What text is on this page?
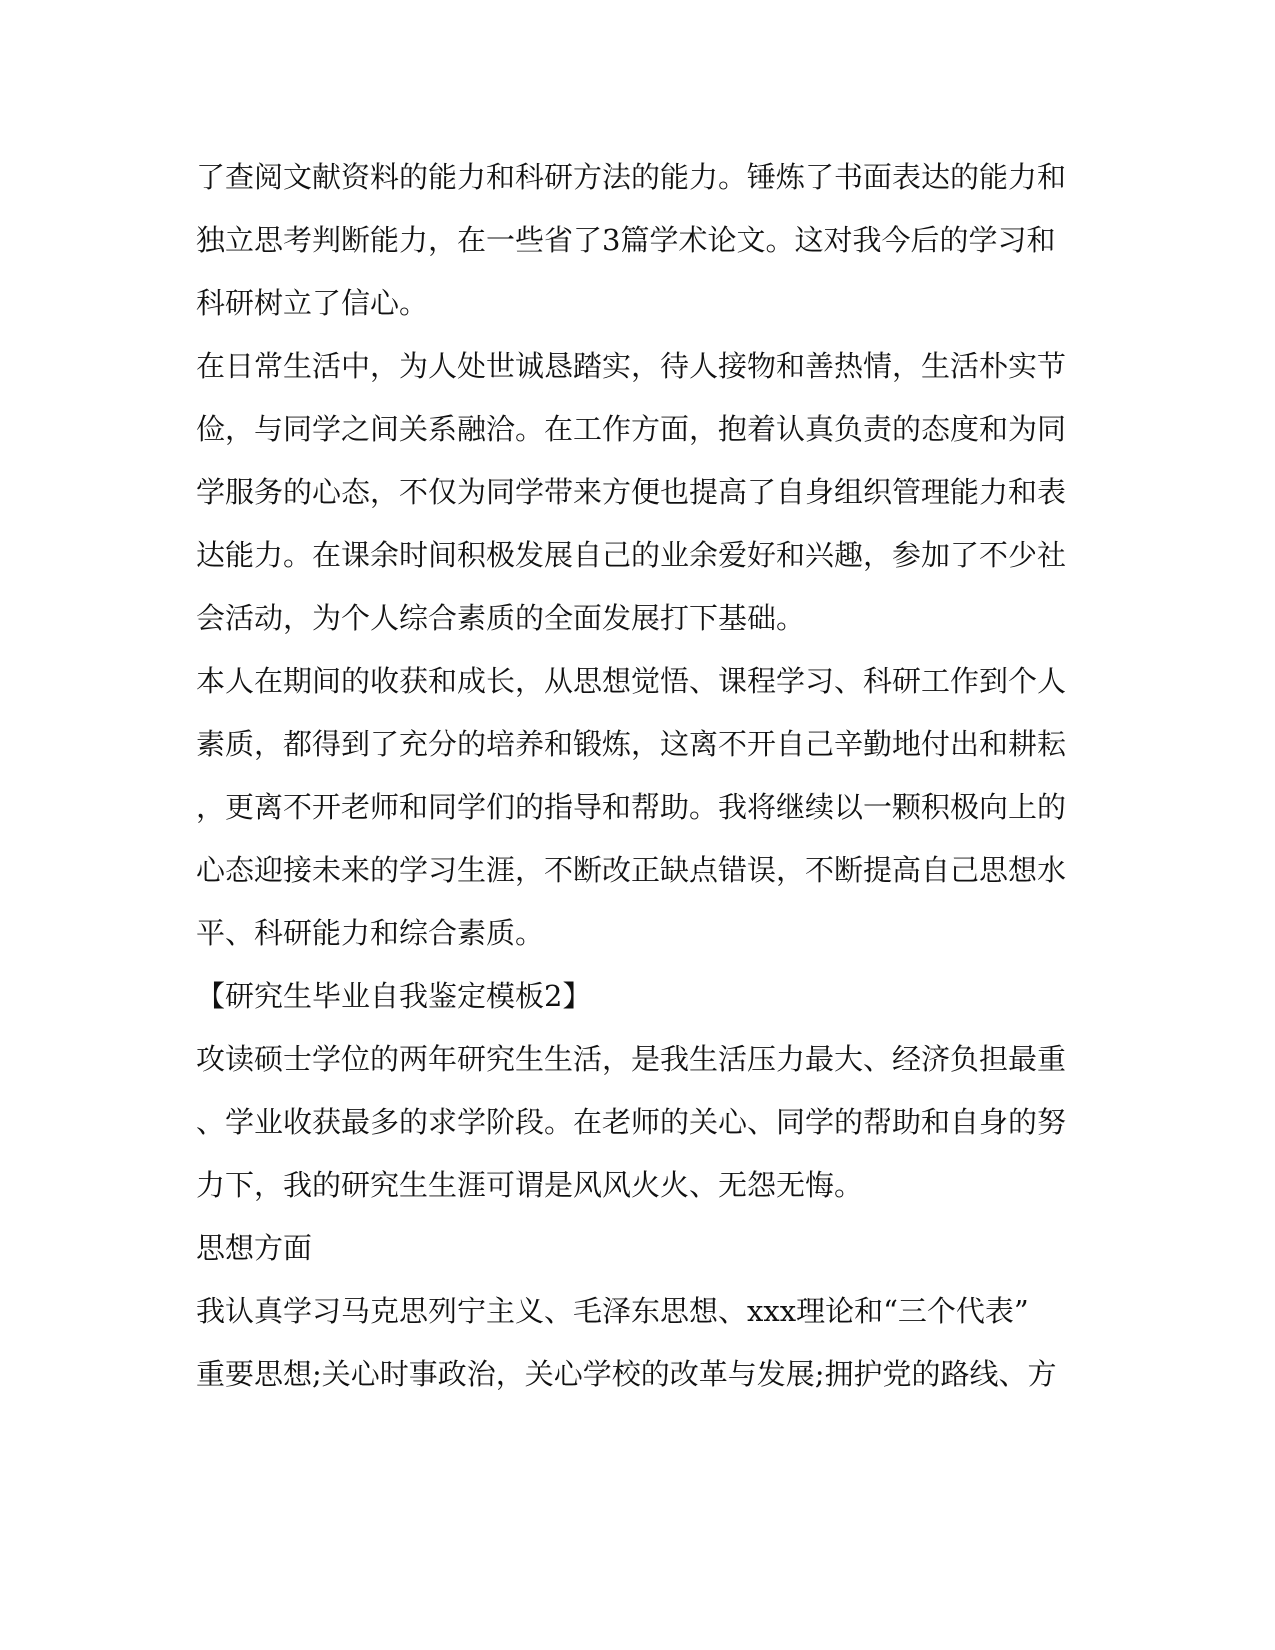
了查阅文献资料的能力和科研方法的能力。锤炼了书面表达的能力和
独立思考判断能力，在一些省了3篇学术论文。这对我今后的学习和
科研树立了信心。
在日常生活中，为人处世诚恳踏实，待人接物和善热情，生活朴实节
俭，与同学之间关系融洽。在工作方面，抱着认真负责的态度和为同
学服务的心态，不仅为同学带来方便也提高了自身组织管理能力和表
达能力。在课余时间积极发展自己的业余爱好和兴趣，参加了不少社
会活动，为个人综合素质的全面发展打下基础。
本人在期间的收获和成长，从思想觉悟、课程学习、科研工作到个人
素质，都得到了充分的培养和锻炼，这离不开自己辛勤地付出和耕耘
，更离不开老师和同学们的指导和帮助。我将继续以一颗积极向上的
心态迎接未来的学习生涯，不断改正缺点错误，不断提高自己思想水
平、科研能力和综合素质。
【研究生毕业自我鉴定模板2】
攻读硕士学位的两年研究生生活，是我生活压力最大、经济负担最重
、学业收获最多的求学阶段。在老师的关心、同学的帮助和自身的努
力下，我的研究生生涯可谓是风风火火、无怨无悔。
思想方面
我认真学习马克思列宁主义、毛泽东思想、xxx理论和“三个代表”
重要思想;关心时事政治，关心学校的改革与发展;拥护党的路线、方
